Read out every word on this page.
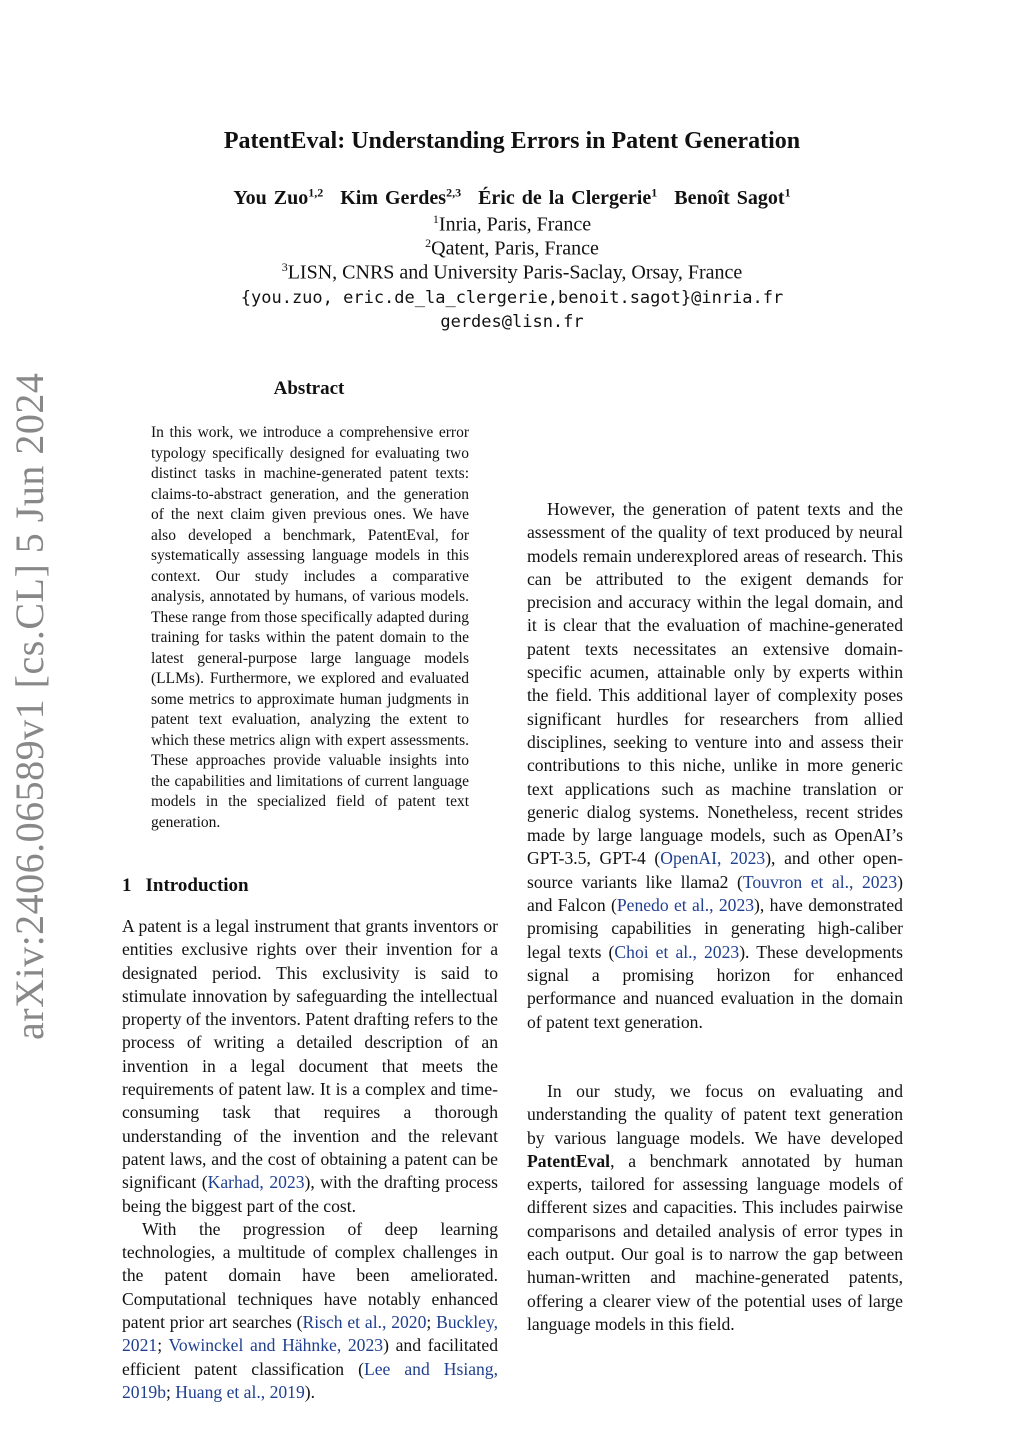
arXiv:2406.06589v1 [cs.CL] 5 Jun 2024
PatentEval: Understanding Errors in Patent Generation
You Zuo$^{1,2}$ Kim Gerdes$^{2,3}$ Éric de la Clergerie$^1$ Benoît Sagot$^1$
$^1$Inria, Paris, France
$^2$Qatent, Paris, France
$^3$LISN, CNRS and University Paris-Saclay, Orsay, France
{you.zuo, eric.de_la_clergerie,benoit.sagot}@inria.fr
gerdes@lisn.fr
Abstract
In this work, we introduce a comprehensive error typology specifically designed for evaluating two distinct tasks in machine-generated patent texts: claims-to-abstract generation, and the generation of the next claim given previous ones. We have also developed a benchmark, PatentEval, for systematically assessing language models in this context. Our study includes a comparative analysis, annotated by humans, of various models. These range from those specifically adapted during training for tasks within the patent domain to the latest general-purpose large language models (LLMs). Furthermore, we explored and evaluated some metrics to approximate human judgments in patent text evaluation, analyzing the extent to which these metrics align with expert assessments. These approaches provide valuable insights into the capabilities and limitations of current language models in the specialized field of patent text generation.
1 Introduction

A patent is a legal instrument that grants inventors or entities exclusive rights over their invention for a designated period. This exclusivity is said to stimulate innovation by safeguarding the intellectual property of the inventors. Patent drafting refers to the process of writing a detailed description of an invention in a legal document that meets the requirements of patent law. It is a complex and time-consuming task that requires a thorough understanding of the invention and the relevant patent laws, and the cost of obtaining a patent can be significant (Karhad, 2023), with the drafting process being the biggest part of the cost.

With the progression of deep learning technologies, a multitude of complex challenges in the patent domain have been ameliorated. Computational techniques have notably enhanced patent prior art searches (Risch et al., 2020; Buckley, 2021; Vowinckel and Hähnke, 2023) and facilitated efficient patent classification (Lee and Hsiang, 2019b; Huang et al., 2019).

However, the generation of patent texts and the assessment of the quality of text produced by neural models remain underexplored areas of research. This can be attributed to the exigent demands for precision and accuracy within the legal domain, and it is clear that the evaluation of machine-generated patent texts necessitates an extensive domain-specific acumen, attainable only by experts within the field. This additional layer of complexity poses significant hurdles for researchers from allied disciplines, seeking to venture into and assess their contributions to this niche, unlike in more generic text applications such as machine translation or generic dialog systems. Nonetheless, recent strides made by large language models, such as OpenAI’s GPT-3.5, GPT-4 (OpenAI, 2023), and other open-source variants like llama2 (Touvron et al., 2023) and Falcon (Penedo et al., 2023), have demonstrated promising capabilities in generating high-caliber legal texts (Choi et al., 2023). These developments signal a promising horizon for enhanced performance and nuanced evaluation in the domain of patent text generation.

In our study, we focus on evaluating and understanding the quality of patent text generation by various language models. We have developed PatentEval, a benchmark annotated by human experts, tailored for assessing language models of different sizes and capacities. This includes pairwise comparisons and detailed analysis of error types in each output. Our goal is to narrow the gap between human-written and machine-generated patents, offering a clearer view of the potential uses of large language models in this field.
